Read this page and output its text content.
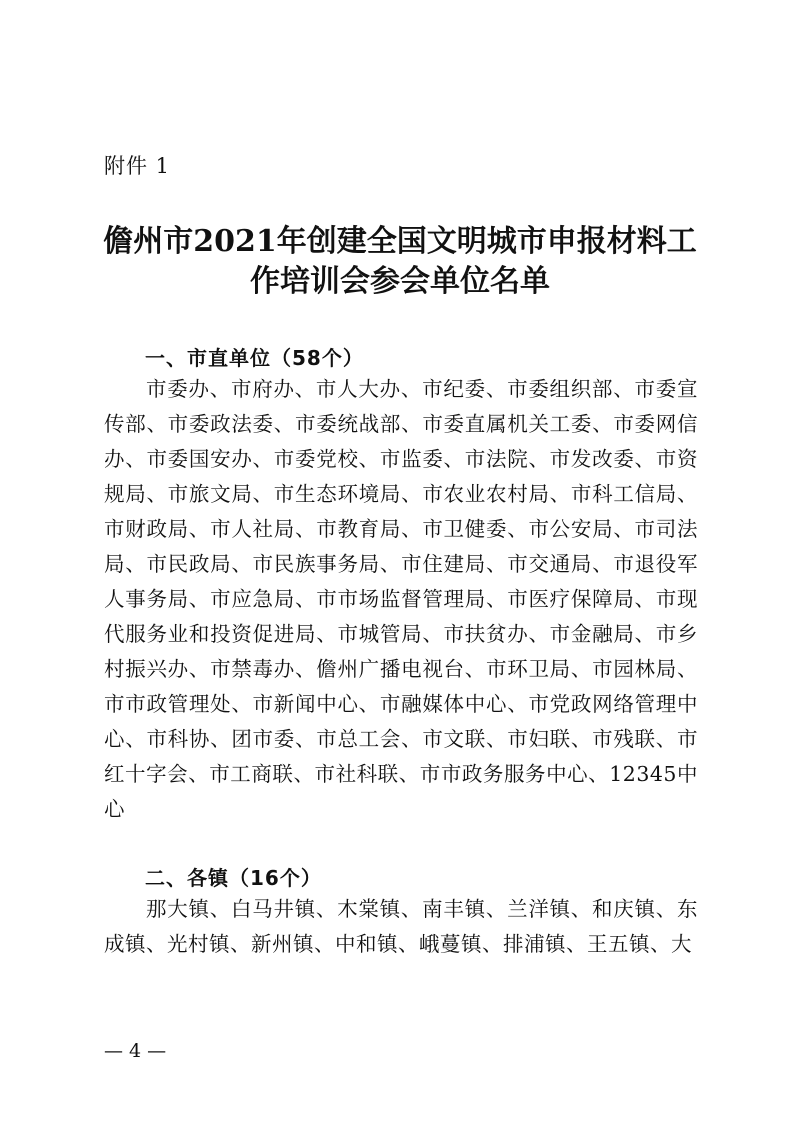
附件 1
儋州市2021年创建全国文明城市申报材料工作培训会参会单位名单
一、市直单位（58个）

市委办、市府办、市人大办、市纪委、市委组织部、市委宣传部、市委政法委、市委统战部、市委直属机关工委、市委网信办、市委国安办、市委党校、市监委、市法院、市发改委、市资规局、市旅文局、市生态环境局、市农业农村局、市科工信局、市财政局、市人社局、市教育局、市卫健委、市公安局、市司法局、市民政局、市民族事务局、市住建局、市交通局、市退役军人事务局、市应急局、市市场监督管理局、市医疗保障局、市现代服务业和投资促进局、市城管局、市扶贫办、市金融局、市乡村振兴办、市禁毒办、儋州广播电视台、市环卫局、市园林局、市市政管理处、市新闻中心、市融媒体中心、市党政网络管理中心、市科协、团市委、市总工会、市文联、市妇联、市残联、市红十字会、市工商联、市社科联、市市政务服务中心、12345中心

二、各镇（16个）

那大镇、白马井镇、木棠镇、南丰镇、兰洋镇、和庆镇、东成镇、光村镇、新州镇、中和镇、峨蔓镇、排浦镇、王五镇、大

— 4 —
